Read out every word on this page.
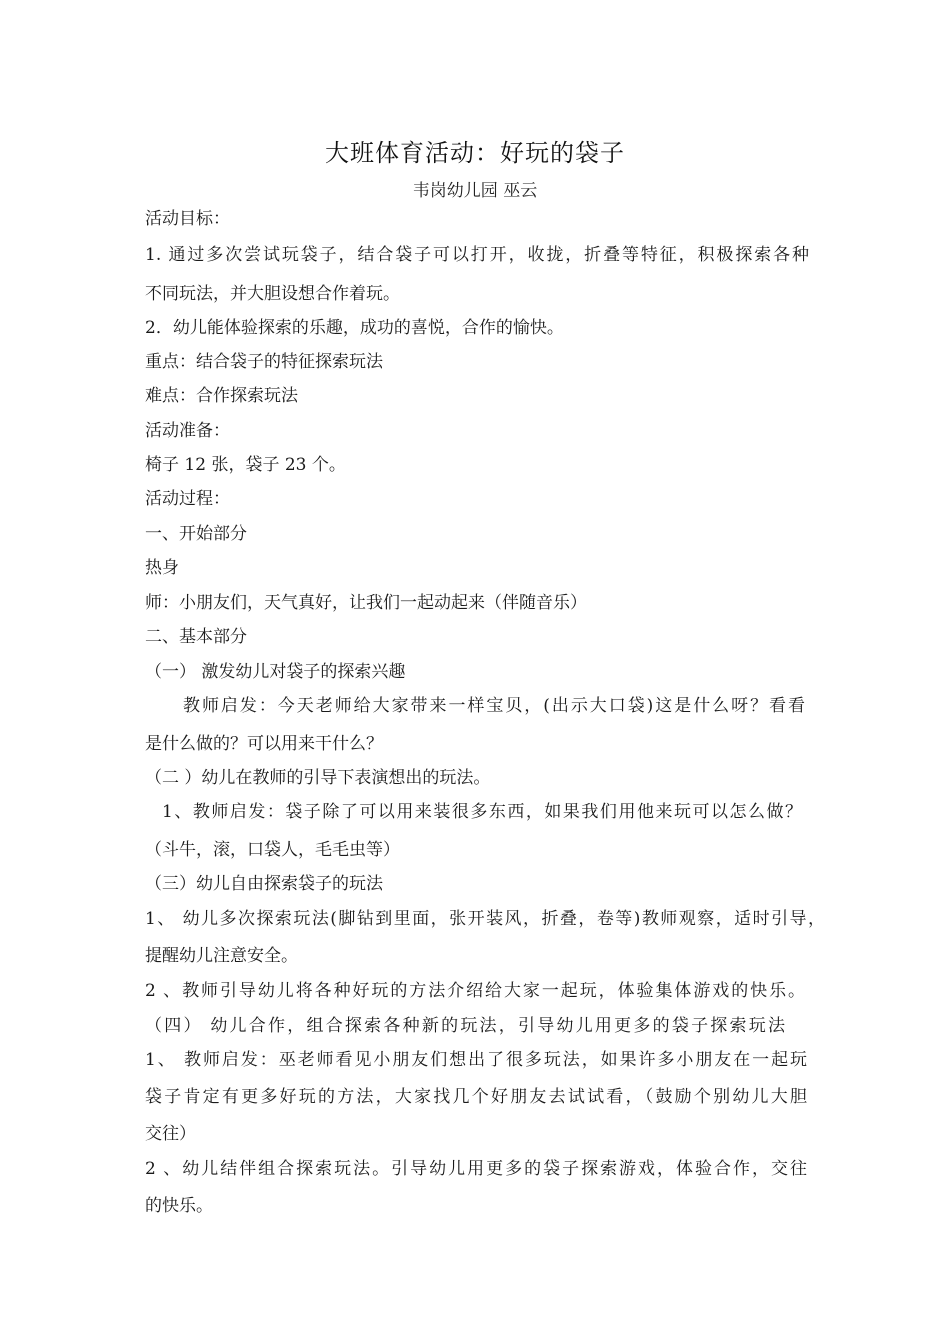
大班体育活动：好玩的袋子
韦岗幼儿园 巫云
活动目标：
1. 通过多次尝试玩袋子，结合袋子可以打开，收拢，折叠等特征，积极探索各种
不同玩法，并大胆设想合作着玩。
2．幼儿能体验探索的乐趣，成功的喜悦，合作的愉快。
重点：结合袋子的特征探索玩法
难点：合作探索玩法
活动准备：
椅子 12 张，袋子 23 个。
活动过程：
一、开始部分
热身
师：小朋友们，天气真好，让我们一起动起来（伴随音乐）
二、基本部分
（一） 激发幼儿对袋子的探索兴趣
教师启发：今天老师给大家带来一样宝贝，(出示大口袋)这是什么呀？看看
是什么做的？可以用来干什么？
（二 ）幼儿在教师的引导下表演想出的玩法。
1、教师启发：袋子除了可以用来装很多东西，如果我们用他来玩可以怎么做？
（斗牛，滚，口袋人，毛毛虫等）
（三）幼儿自由探索袋子的玩法
1、 幼儿多次探索玩法(脚钻到里面，张开装风，折叠，卷等)教师观察，适时引导，
提醒幼儿注意安全。
2 、教师引导幼儿将各种好玩的方法介绍给大家一起玩，体验集体游戏的快乐。
（四） 幼儿合作，组合探索各种新的玩法，引导幼儿用更多的袋子探索玩法
1、 教师启发：巫老师看见小朋友们想出了很多玩法，如果许多小朋友在一起玩
袋子肯定有更多好玩的方法，大家找几个好朋友去试试看，（鼓励个别幼儿大胆
交往）
2 、幼儿结伴组合探索玩法。引导幼儿用更多的袋子探索游戏，体验合作，交往
的快乐。
